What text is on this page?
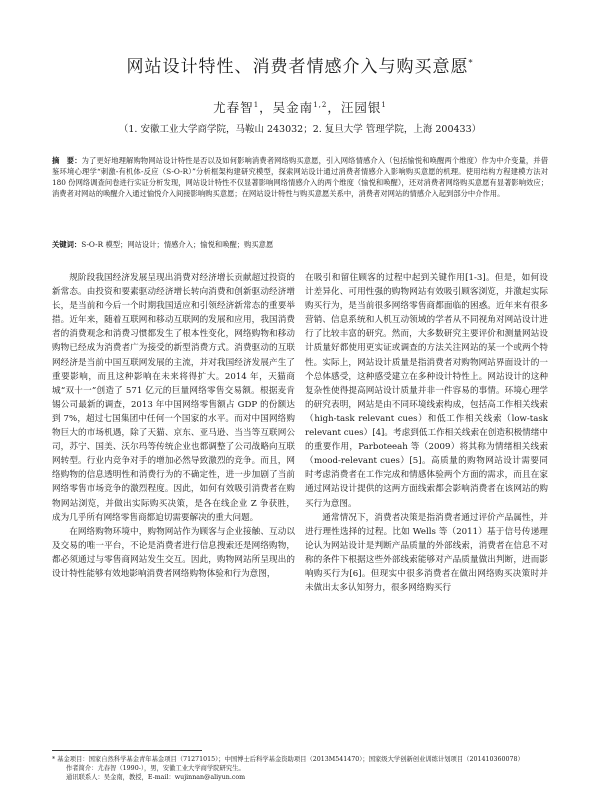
网站设计特性、消费者情感介入与购买意愿*
尤春智$^1$，吴金南$^{1,2}$，汪园银$^1$
（1. 安徽工业大学商学院，马鞍山 243032；2. 复旦大学 管理学院，上海 200433）
摘　要：为了更好地理解购物网站设计特性是否以及如何影响消费者网络购买意愿，引入网络情感介入（包括愉悦和唤醒两个维度）作为中介变量，并借鉴环境心理学“刺激-有机体-反应（S-O-R）”分析框架构建研究模型，探索网站设计通过消费者情感介入影响购买意愿的机理。使用结构方程建模方法对 180 份网络调查问卷进行实证分析发现，网站设计特性不仅显著影响网络情感介入的两个维度（愉悦和唤醒），还对消费者网络购买意愿有显著影响效应；消费者对网站的唤醒介入通过愉悦介入间接影响购买意愿；在网站设计特性与购买意愿关系中，消费者对网站的情感介入起到部分中介作用。
关键词：S-O-R 模型；网站设计；情感介入；愉悦和唤醒；购买意愿

规阶段我国经济发展呈现出消费对经济增长贡献超过投资的新常态。由投资和要素驱动经济增长转向消费和创新驱动经济增长，是当前和今后一个时期我国适应和引领经济新常态的重要举措。近年来，随着互联网和移动互联网的发展和应用，我国消费者的消费观念和消费习惯都发生了根本性变化，网络购物和移动购物已经成为消费者广为接受的新型消费方式。消费驱动的互联网经济是当前中国互联网发展的主流，并对我国经济发展产生了重要影响，而且这种影响在未来将得扩大。2014 年，天猫商城“双十一”创造了 571 亿元的巨量网络零售交易额。根据麦肯锡公司最新的调查，2013 年中国网络零售额占 GDP 的份额达到 7%，超过七国集团中任何一个国家的水平。而对中国网络购物巨大的市场机遇，除了天猫、京东、亚马逊、当当等互联网公司，苏宁、国美、沃尔玛等传统企业也都调整了公司战略向互联网转型。行业内竞争对手的增加必然导致激烈的竞争。而且，网络购物的信息透明性和消费行为的不确定性，进一步加剧了当前网络零售市场竞争的激烈程度。因此，如何有效吸引消费者在购物网站浏览，并做出实际购买决策，是各在线企业 Z 争获胜，成为几乎所有网络零售商都迫切需要解决的重大问题。

在网络购物环境中，购物网站作为顾客与企业接触、互动以及交易的唯一平台，不论是消费者进行信息搜索还是网络购物，都必须通过与零售商网站发生交互。因此，购物网站所呈现出的设计特性能够有效地影响消费者网络购物体验和行为意图，

在吸引和留住顾客的过程中起到关键作用[1-3]。但是，如何设计差异化、可用性强的购物网站有效吸引顾客浏览，并激起实际购买行为，是当前很多网络零售商都面临的困惑。近年来有很多营销、信息系统和人机互动领域的学者从不同视角对网站设计进行了比较丰富的研究。然而，大多数研究主要评价和测量网站设计质量好都使用更实证或调查的方法关注网站的某一个或两个特性。实际上，网站设计质量是指消费者对购物网站界面设计的一个总体感受，这种感受建立在多种设计特性上。网站设计的这种复杂性使得提高网站设计质量并非一件容易的事情。环境心理学的研究表明，网站是由不同环境线索构成，包括高工作相关线索（high-task relevant cues）和低工作相关线索（low-task relevant cues）[4]。考虑到低工作相关线索在创造积极情绪中的重要作用，Parboteeah 等（2009）将其称为情绪相关线索（mood-relevant cues）[5]。高质量的购物网站设计需要同时考虑消费者在工作完成和情感体验两个方面的需求，而且在家通过网站设计提供的这两方面线索都会影响消费者在该网站的购买行为意图。

通常情况下，消费者决策是指消费者通过评价产品属性，并进行理性选择的过程。比如 Wells 等（2011）基于信号传递理论认为网站设计是判断产品质量的外部线索，消费者在信息不对称的条件下根据这些外部线索能够对产品质量做出判断，进而影响购买行为[6]。但现实中很多消费者在做出网络购买决策时并未做出太多认知努力，很多网络购买行

* 基金项目：国家自然科学基金青年基金项目（71271015）；中国博士后科学基金资助项目（2013M541470）；国家级大学创新创业训练计划项目（201410360078）

作者简介：尤春智（1990-），男，安徽工业大学商学院研究生。

通讯联系人：吴金南，教授，E-mail：wujinnan@aliyun.com
